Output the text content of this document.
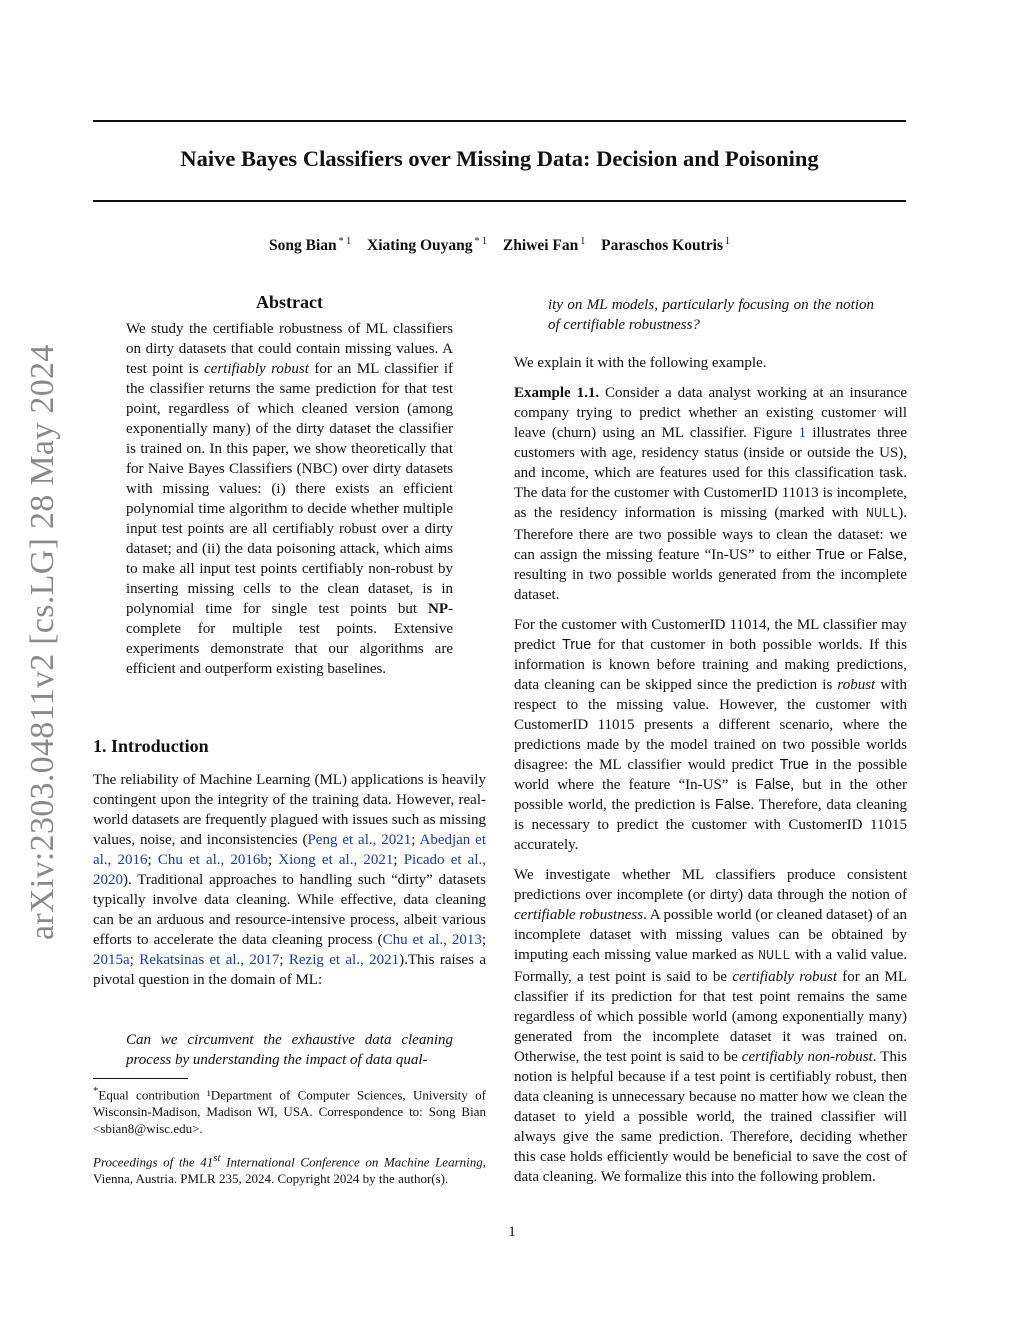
Naive Bayes Classifiers over Missing Data: Decision and Poisoning
Song Bian $^{* 1}$ Xiating Ouyang $^{* 1}$ Zhiwei Fan $^1$ Paraschos Koutris $^1$
arXiv:2303.04811v2 [cs.LG] 28 May 2024
Abstract

We study the certifiable robustness of ML classifiers on dirty datasets that could contain missing values. A test point is certifiably robust for an ML classifier if the classifier returns the same prediction for that test point, regardless of which cleaned version (among exponentially many) of the dirty dataset the classifier is trained on. In this paper, we show theoretically that for Naive Bayes Classifiers (NBC) over dirty datasets with missing values: (i) there exists an efficient polynomial time algorithm to decide whether multiple input test points are all certifiably robust over a dirty dataset; and (ii) the data poisoning attack, which aims to make all input test points certifiably non-robust by inserting missing cells to the clean dataset, is in polynomial time for single test points but NP-complete for multiple test points. Extensive experiments demonstrate that our algorithms are efficient and outperform existing baselines.

1. Introduction

The reliability of Machine Learning (ML) applications is heavily contingent upon the integrity of the training data. However, real-world datasets are frequently plagued with issues such as missing values, noise, and inconsistencies (Peng et al., 2021; Abedjan et al., 2016; Chu et al., 2016b; Xiong et al., 2021; Picado et al., 2020). Traditional approaches to handling such “dirty” datasets typically involve data cleaning. While effective, data cleaning can be an arduous and resource-intensive process, albeit various efforts to accelerate the data cleaning process (Chu et al., 2013; 2015a; Rekatsinas et al., 2017; Rezig et al., 2021).This raises a pivotal question in the domain of ML:

Can we circumvent the exhaustive data cleaning process by understanding the impact of data qual-

*Equal contribution ¹Department of Computer Sciences, University of Wisconsin-Madison, Madison WI, USA. Correspondence to: Song Bian <sbian8@wisc.edu>.

Proceedings of the 41st International Conference on Machine Learning, Vienna, Austria. PMLR 235, 2024. Copyright 2024 by the author(s).

ity on ML models, particularly focusing on the notion of certifiable robustness?

We explain it with the following example.

Example 1.1. Consider a data analyst working at an insurance company trying to predict whether an existing customer will leave (churn) using an ML classifier. Figure 1 illustrates three customers with age, residency status (inside or outside the US), and income, which are features used for this classification task. The data for the customer with CustomerID 11013 is incomplete, as the residency information is missing (marked with NULL). Therefore there are two possible ways to clean the dataset: we can assign the missing feature “In-US” to either True or False, resulting in two possible worlds generated from the incomplete dataset.

For the customer with CustomerID 11014, the ML classifier may predict True for that customer in both possible worlds. If this information is known before training and making predictions, data cleaning can be skipped since the prediction is robust with respect to the missing value. However, the customer with CustomerID 11015 presents a different scenario, where the predictions made by the model trained on two possible worlds disagree: the ML classifier would predict True in the possible world where the feature “In-US” is False, but in the other possible world, the prediction is False. Therefore, data cleaning is necessary to predict the customer with CustomerID 11015 accurately.

We investigate whether ML classifiers produce consistent predictions over incomplete (or dirty) data through the notion of certifiable robustness. A possible world (or cleaned dataset) of an incomplete dataset with missing values can be obtained by imputing each missing value marked as NULL with a valid value. Formally, a test point is said to be certifiably robust for an ML classifier if its prediction for that test point remains the same regardless of which possible world (among exponentially many) generated from the incomplete dataset it was trained on. Otherwise, the test point is said to be certifiably non-robust. This notion is helpful because if a test point is certifiably robust, then data cleaning is unnecessary because no matter how we clean the dataset to yield a possible world, the trained classifier will always give the same prediction. Therefore, deciding whether this case holds efficiently would be beneficial to save the cost of data cleaning. We formalize this into the following problem.

1
